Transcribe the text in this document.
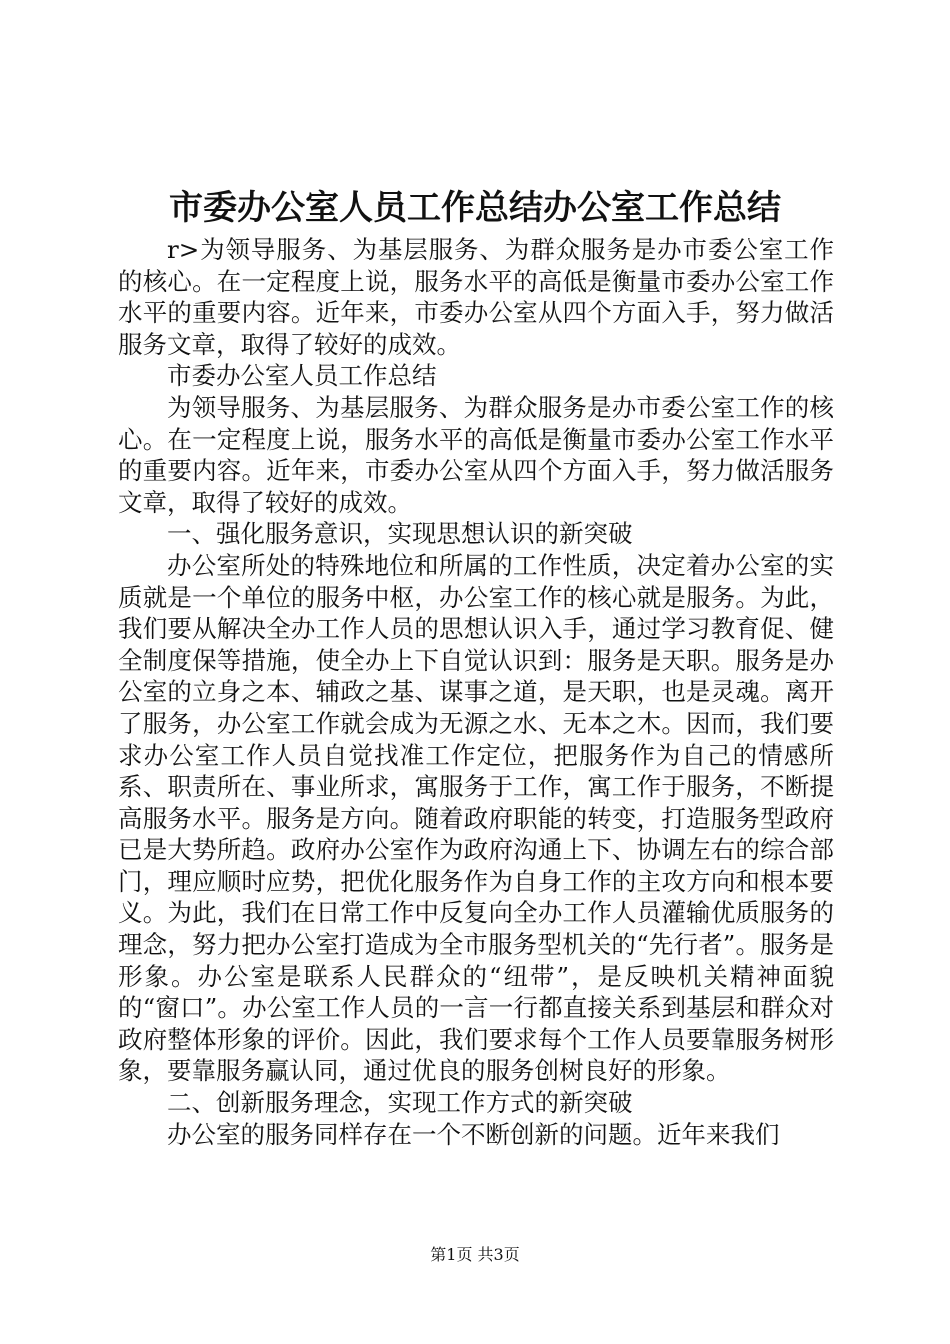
市委办公室人员工作总结办公室工作总结

r>为领导服务、为基层服务、为群众服务是办市委公室工作的核心。在一定程度上说，服务水平的高低是衡量市委办公室工作水平的重要内容。近年来，市委办公室从四个方面入手，努力做活服务文章，取得了较好的成效。

市委办公室人员工作总结

为领导服务、为基层服务、为群众服务是办市委公室工作的核心。在一定程度上说，服务水平的高低是衡量市委办公室工作水平的重要内容。近年来，市委办公室从四个方面入手，努力做活服务文章，取得了较好的成效。

一、强化服务意识，实现思想认识的新突破

办公室所处的特殊地位和所属的工作性质，决定着办公室的实质就是一个单位的服务中枢，办公室工作的核心就是服务。为此，我们要从解决全办工作人员的思想认识入手，通过学习教育促、健全制度保等措施，使全办上下自觉认识到：服务是天职。服务是办公室的立身之本、辅政之基、谋事之道，是天职，也是灵魂。离开了服务，办公室工作就会成为无源之水、无本之木。因而，我们要求办公室工作人员自觉找准工作定位，把服务作为自己的情感所系、职责所在、事业所求，寓服务于工作，寓工作于服务，不断提高服务水平。服务是方向。随着政府职能的转变，打造服务型政府已是大势所趋。政府办公室作为政府沟通上下、协调左右的综合部门，理应顺时应势，把优化服务作为自身工作的主攻方向和根本要义。为此，我们在日常工作中反复向全办工作人员灌输优质服务的理念，努力把办公室打造成为全市服务型机关的“先行者”。服务是形象。办公室是联系人民群众的“纽带”，是反映机关精神面貌的“窗口”。办公室工作人员的一言一行都直接关系到基层和群众对政府整体形象的评价。因此，我们要求每个工作人员要靠服务树形象，要靠服务赢认同，通过优良的服务创树良好的形象。

二、创新服务理念，实现工作方式的新突破

办公室的服务同样存在一个不断创新的问题。近年来我们

第1页 共3页
